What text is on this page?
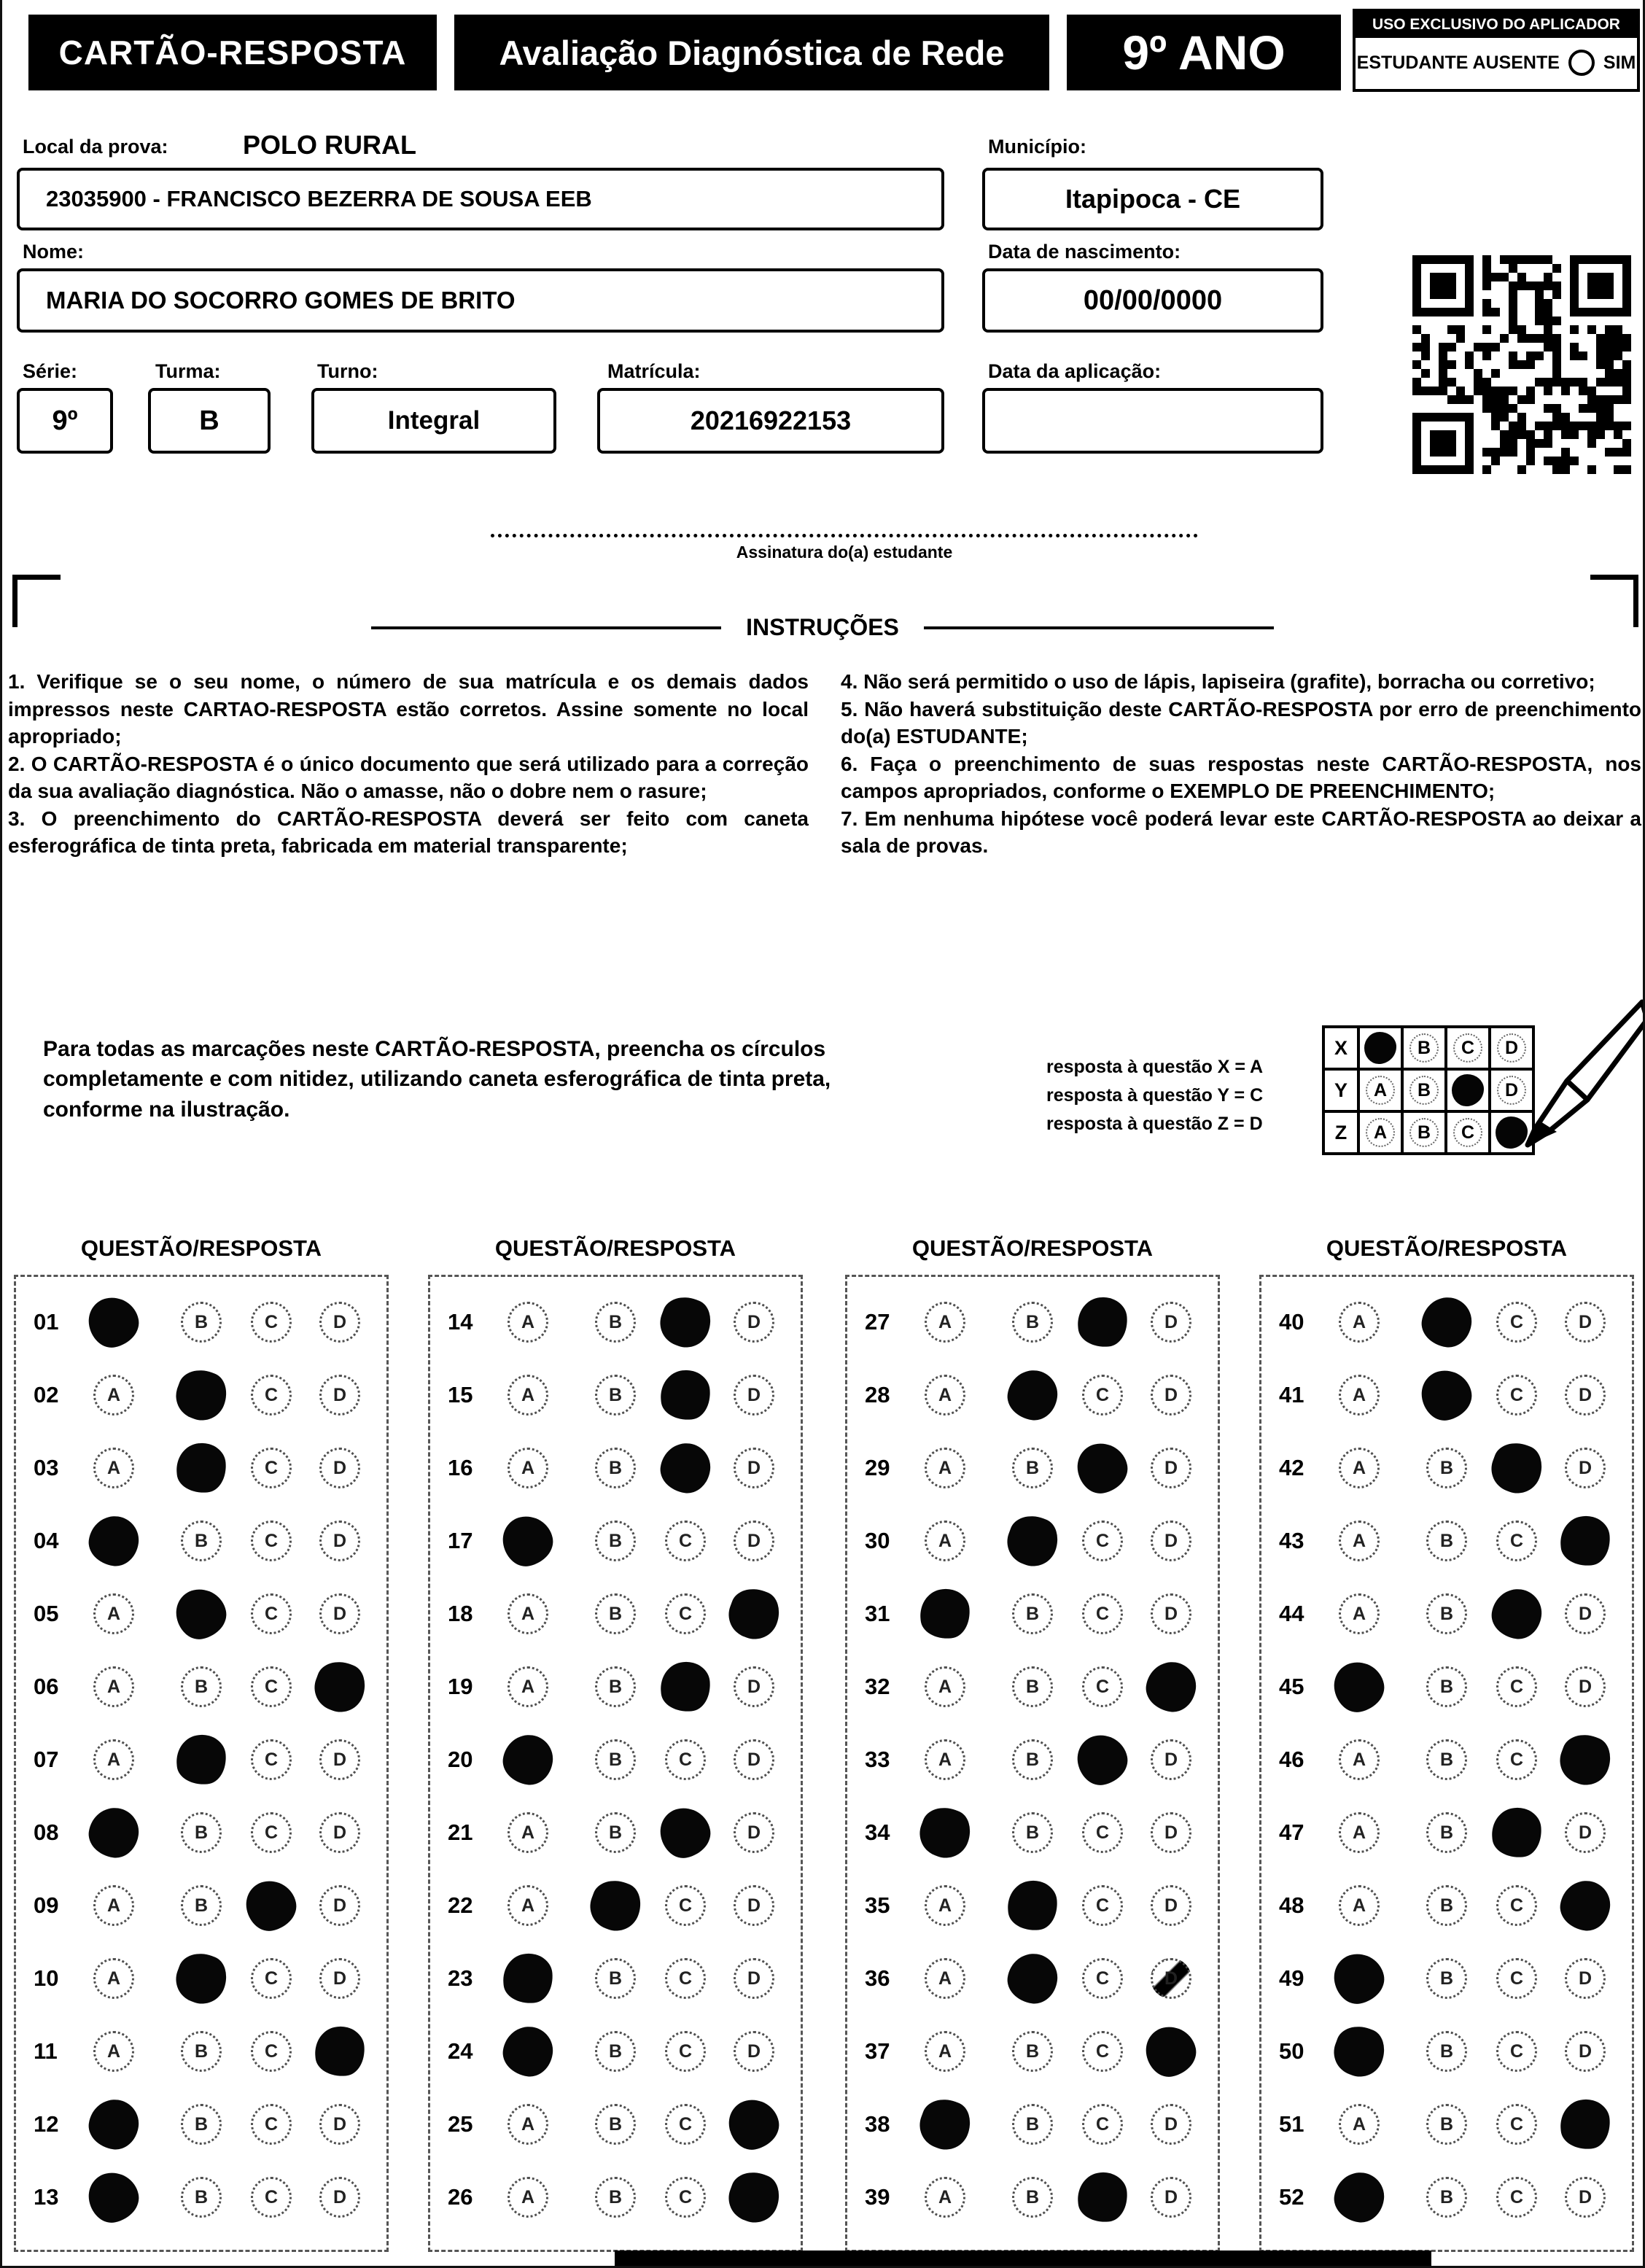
CARTÃO-RESPOSTA	Avaliação Diagnóstica de Rede	9º ANO
USO EXCLUSIVO DO APLICADOR
ESTUDANTE AUSENTE SIM
Local da prova:	POLO RURAL
23035900 - FRANCISCO BEZERRA DE SOUSA EEB
Município:
Itapipoca - CE
Nome:
MARIA DO SOCORRO GOMES DE BRITO
Data de nascimento:
00/00/0000
Série:
9º
Turma:
B
Turno:
Integral
Matrícula:
20216922153
Data da aplicação:
Assinatura do(a) estudante
INSTRUÇÕES

1. Verifique se o seu nome, o número de sua matrícula e os demais dados impressos neste CARTAO-RESPOSTA estão corretos. Assine somente no local apropriado;

2. O CARTÃO-RESPOSTA é o único documento que será utilizado para a correção da sua avaliação diagnóstica. Não o amasse, não o dobre nem o rasure;

3. O preenchimento do CARTÃO-RESPOSTA deverá ser feito com caneta esferográfica de tinta preta, fabricada em material transparente;

4. Não será permitido o uso de lápis, lapiseira (grafite), borracha ou corretivo;

5. Não haverá substituição deste CARTÃO-RESPOSTA por erro de preenchimento do(a) ESTUDANTE;

6. Faça o preenchimento de suas respostas neste CARTÃO-RESPOSTA, nos campos apropriados, conforme o EXEMPLO DE PREENCHIMENTO;

7. Em nenhuma hipótese você poderá levar este CARTÃO-RESPOSTA ao deixar a sala de provas.

Para todas as marcações neste CARTÃO-RESPOSTA, preencha os círculos completamente e com nitidez, utilizando caneta esferográfica de tinta preta, conforme na ilustração.
resposta à questão X = A
resposta à questão Y = C
resposta à questão Z = D
X		B	C	D
Y	A	B		D
Z	A	B	C	
QUESTÃO/RESPOSTA
01	B	C	D
02	A	C	D
03	A	C	D
04	B	C	D
05	A	C	D
06	A	B	C
07	A	C	D
08	B	C	D
09	A	B	D
10	A	C	D
11	A	B	C
12	B	C	D
13	B	C	D
QUESTÃO/RESPOSTA
14	A	B	D
15	A	B	D
16	A	B	D
17	B	C	D
18	A	B	C
19	A	B	D
20	B	C	D
21	A	B	D
22	A	C	D
23	B	C	D
24	B	C	D
25	A	B	C
26	A	B	C
QUESTÃO/RESPOSTA
27	A	B	D
28	A	C	D
29	A	B	D
30	A	C	D
31	B	C	D
32	A	B	C
33	A	B	D
34	B	C	D
35	A	C	D
36	A	C	D
37	A	B	C
38	B	C	D
39	A	B	D
QUESTÃO/RESPOSTA
40	A	C	D
41	A	C	D
42	A	B	D
43	A	B	C
44	A	B	D
45	B	C	D
46	A	B	C
47	A	B	D
48	A	B	C
49	B	C	D
50	B	C	D
51	A	B	C
52	B	C	D
